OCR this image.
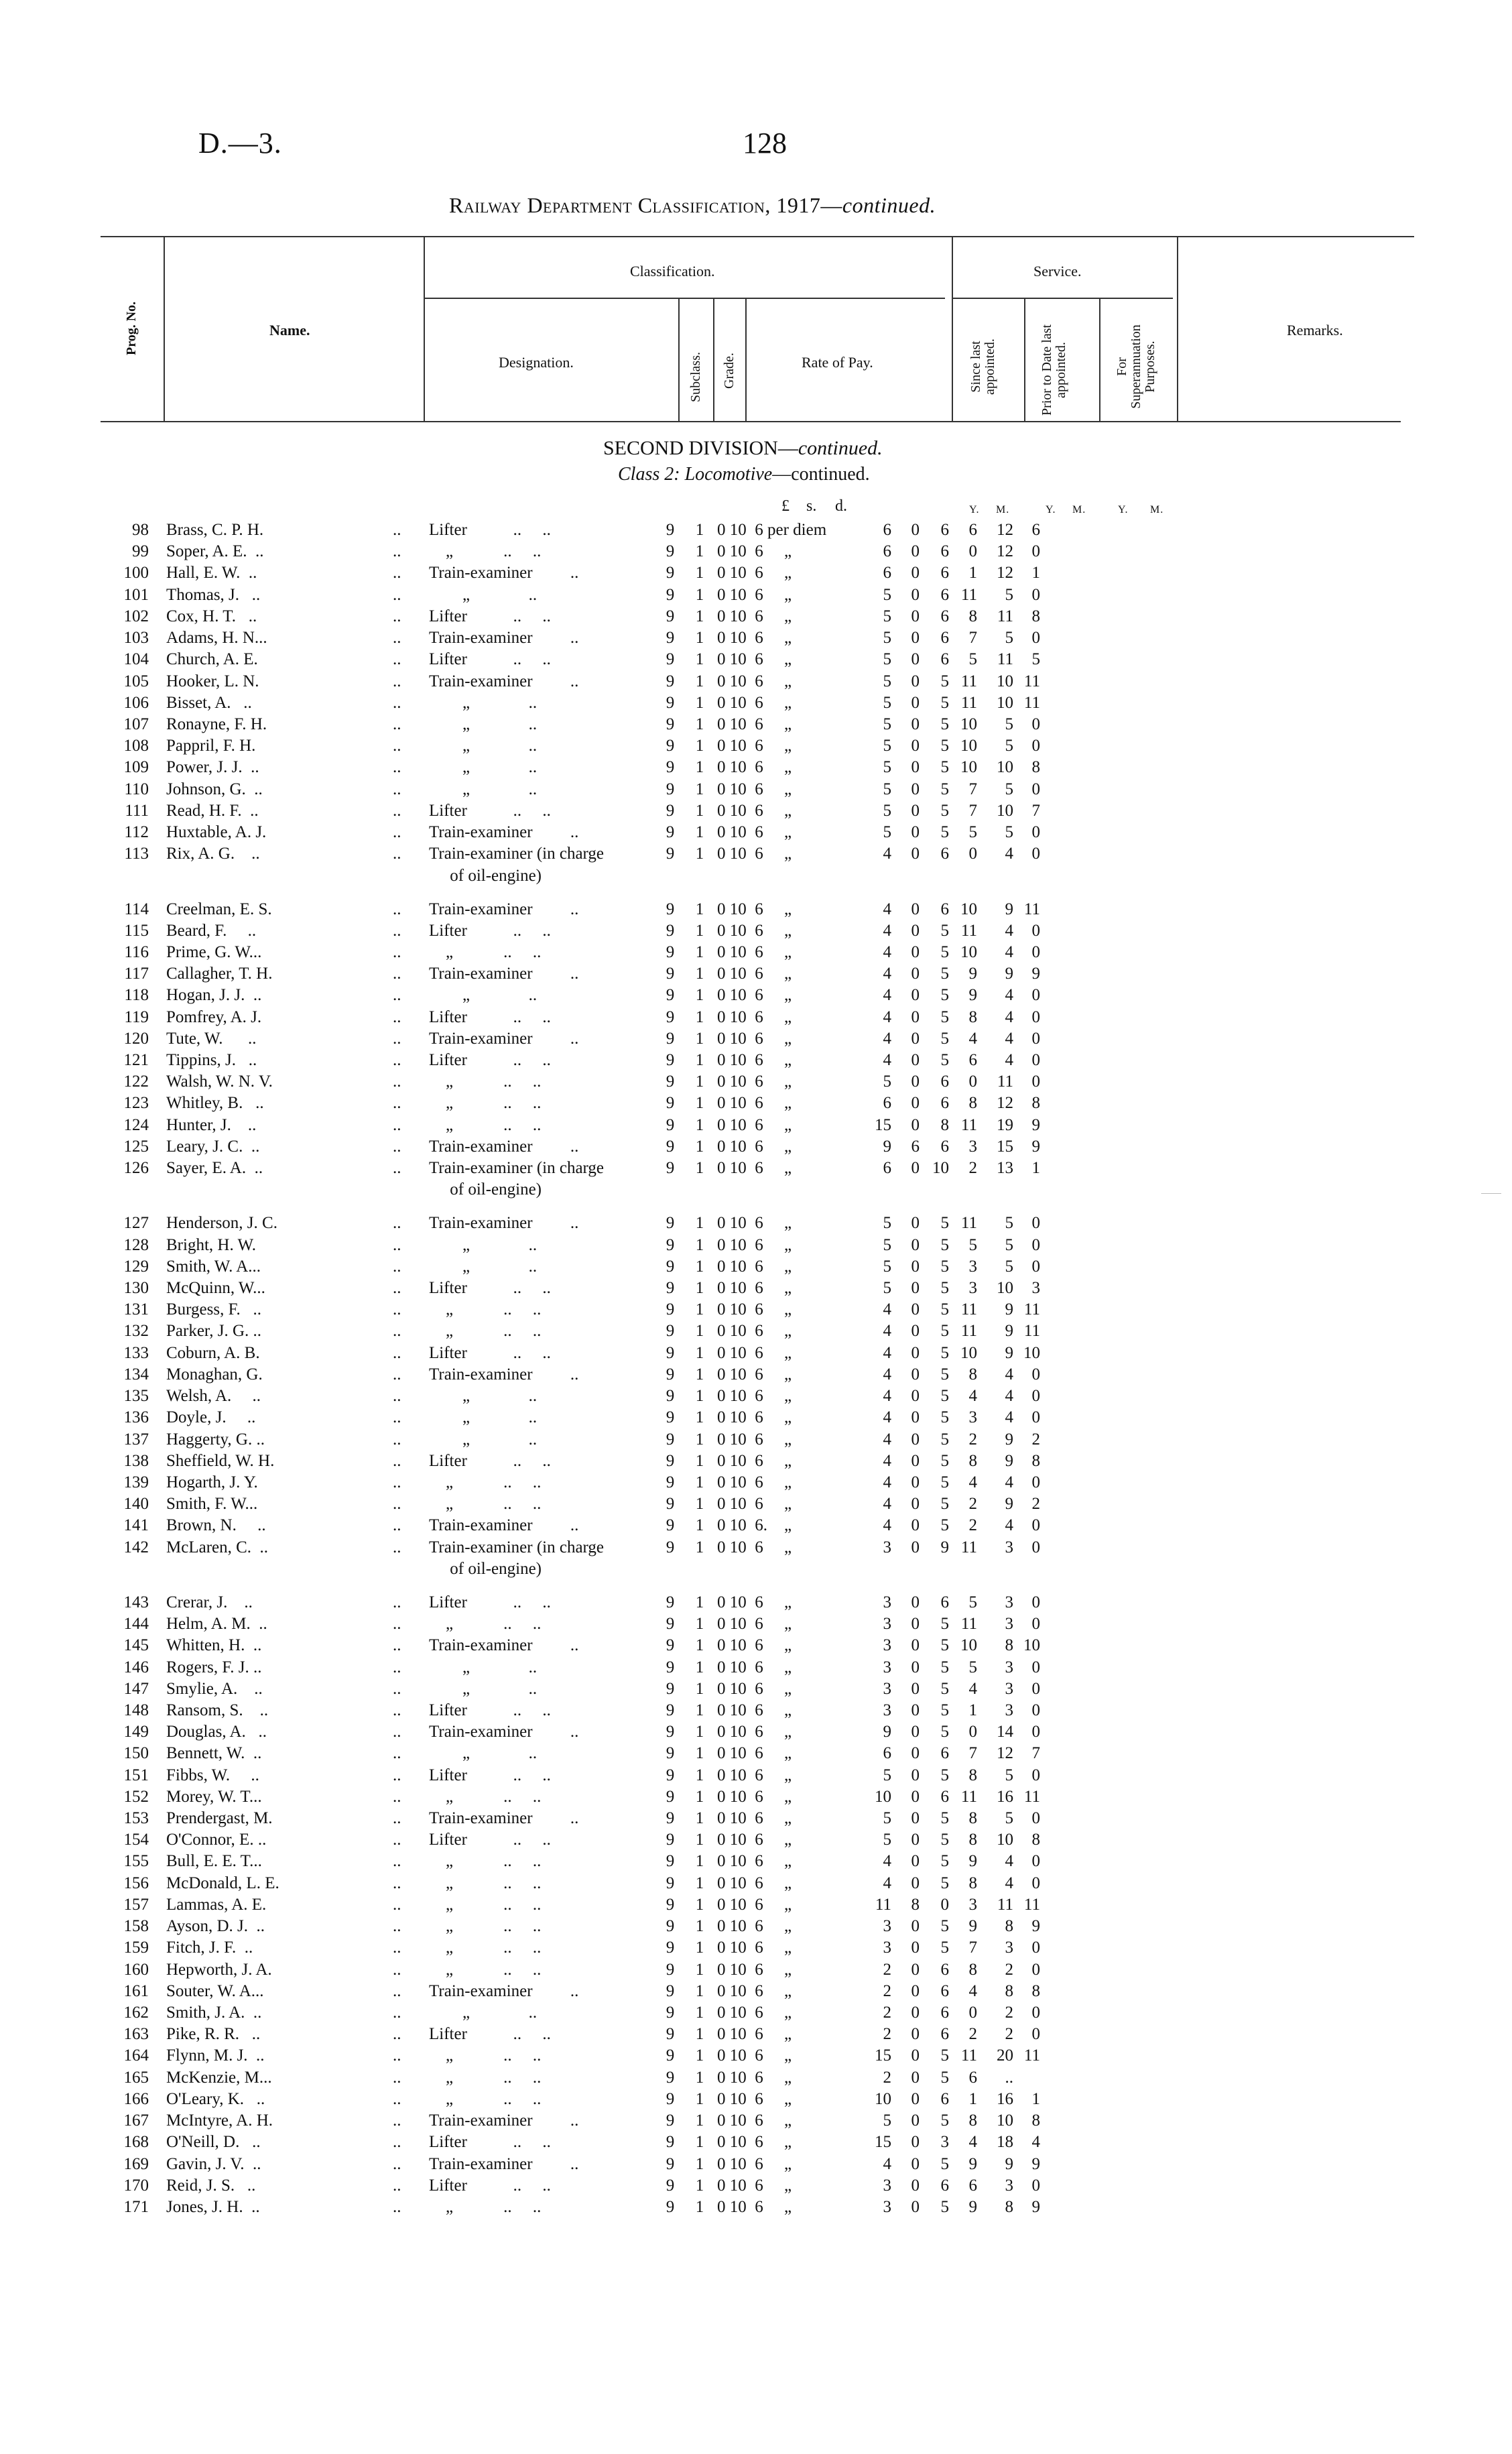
D.—3.	128
Railway Department Classification, 1917—continued.
Prog. No.	Name.
Classification.
Designation.	Subclass. Grade.	Rate of Pay.
Service.
Since last appointed.	Prior to Date last appointed.	For Superannuation Purposes.
Remarks.
SECOND DIVISION—continued.
Class 2: Locomotive—continued.
£ s. d.	Y. M.	Y. M.	Y. M.
98	Brass, C. P. H. ..	Lifter           ..     ..	9	1	0 10  6 per diem	6	0	6	6	12	6
99	Soper, A. E.  .. ..	„            ..     ..	9	1	0 10  6     „	6	0	6	0	12	0
100	Hall, E. W.  .. ..	Train-examiner         ..	9	1	0 10  6     „	6	0	6	1	12	1
101	Thomas, J.   .. ..	„              ..	9	1	0 10  6     „	5	0	6	11	5	0
102	Cox, H. T.   .. ..	Lifter           ..     ..	9	1	0 10  6     „	5	0	6	8	11	8
103	Adams, H. N... ..	Train-examiner         ..	9	1	0 10  6     „	5	0	6	7	5	0
104	Church, A. E. ..	Lifter           ..     ..	9	1	0 10  6     „	5	0	6	5	11	5
105	Hooker, L. N. ..	Train-examiner         ..	9	1	0 10  6     „	5	0	5	11	10	11
106	Bisset, A.   .. ..	„              ..	9	1	0 10  6     „	5	0	5	11	10	11
107	Ronayne, F. H. ..	„              ..	9	1	0 10  6     „	5	0	5	10	5	0
108	Pappril, F. H. ..	„              ..	9	1	0 10  6     „	5	0	5	10	5	0
109	Power, J. J.  .. ..	„              ..	9	1	0 10  6     „	5	0	5	10	10	8
110	Johnson, G.  .. ..	„              ..	9	1	0 10  6     „	5	0	5	7	5	0
111	Read, H. F.  .. ..	Lifter           ..     ..	9	1	0 10  6     „	5	0	5	7	10	7
112	Huxtable, A. J. ..	Train-examiner         ..	9	1	0 10  6     „	5	0	5	5	5	0
113	Rix, A. G.    .. ..	Train-examiner (in charge	9	1	0 10  6     „	4	0	6	0	4	0
		of oil-engine)									

114	Creelman, E. S. ..	Train-examiner         ..	9	1	0 10  6     „	4	0	6	10	9	11
115	Beard, F.     .. ..	Lifter           ..     ..	9	1	0 10  6     „	4	0	5	11	4	0
116	Prime, G. W... ..	„            ..     ..	9	1	0 10  6     „	4	0	5	10	4	0
117	Callagher, T. H. ..	Train-examiner         ..	9	1	0 10  6     „	4	0	5	9	9	9
118	Hogan, J. J.  .. ..	„              ..	9	1	0 10  6     „	4	0	5	9	4	0
119	Pomfrey, A. J. ..	Lifter           ..     ..	9	1	0 10  6     „	4	0	5	8	4	0
120	Tute, W.      .. ..	Train-examiner         ..	9	1	0 10  6     „	4	0	5	4	4	0
121	Tippins, J.   .. ..	Lifter           ..     ..	9	1	0 10  6     „	4	0	5	6	4	0
122	Walsh, W. N. V. ..	„            ..     ..	9	1	0 10  6     „	5	0	6	0	11	0
123	Whitley, B.   .. ..	„            ..     ..	9	1	0 10  6     „	6	0	6	8	12	8
124	Hunter, J.    .. ..	„            ..     ..	9	1	0 10  6     „	15	0	8	11	19	9
125	Leary, J. C.  .. ..	Train-examiner         ..	9	1	0 10  6     „	9	6	6	3	15	9
126	Sayer, E. A.  .. ..	Train-examiner (in charge	9	1	0 10  6     „	6	0	10	2	13	1
		of oil-engine)									

127	Henderson, J. C. ..	Train-examiner         ..	9	1	0 10  6     „	5	0	5	11	5	0
128	Bright, H. W. ..	„              ..	9	1	0 10  6     „	5	0	5	5	5	0
129	Smith, W. A... ..	„              ..	9	1	0 10  6     „	5	0	5	3	5	0
130	McQuinn, W... ..	Lifter           ..     ..	9	1	0 10  6     „	5	0	5	3	10	3
131	Burgess, F.   .. ..	„            ..     ..	9	1	0 10  6     „	4	0	5	11	9	11
132	Parker, J. G. .. ..	„            ..     ..	9	1	0 10  6     „	4	0	5	11	9	11
133	Coburn, A. B. ..	Lifter           ..     ..	9	1	0 10  6     „	4	0	5	10	9	10
134	Monaghan, G. ..	Train-examiner         ..	9	1	0 10  6     „	4	0	5	8	4	0
135	Welsh, A.     .. ..	„              ..	9	1	0 10  6     „	4	0	5	4	4	0
136	Doyle, J.     .. ..	„              ..	9	1	0 10  6     „	4	0	5	3	4	0
137	Haggerty, G. .. ..	„              ..	9	1	0 10  6     „	4	0	5	2	9	2
138	Sheffield, W. H. ..	Lifter           ..     ..	9	1	0 10  6     „	4	0	5	8	9	8
139	Hogarth, J. Y. ..	„            ..     ..	9	1	0 10  6     „	4	0	5	4	4	0
140	Smith, F. W... ..	„            ..     ..	9	1	0 10  6     „	4	0	5	2	9	2
141	Brown, N.     .. ..	Train-examiner         ..	9	1	0 10  6.    „	4	0	5	2	4	0
142	McLaren, C.  .. ..	Train-examiner (in charge	9	1	0 10  6     „	3	0	9	11	3	0
		of oil-engine)									

143	Crerar, J.    .. ..	Lifter           ..     ..	9	1	0 10  6     „	3	0	6	5	3	0
144	Helm, A. M.  .. ..	„            ..     ..	9	1	0 10  6     „	3	0	5	11	3	0
145	Whitten, H.  .. ..	Train-examiner         ..	9	1	0 10  6     „	3	0	5	10	8	10
146	Rogers, F. J. .. ..	„              ..	9	1	0 10  6     „	3	0	5	5	3	0
147	Smylie, A.    .. ..	„              ..	9	1	0 10  6     „	3	0	5	4	3	0
148	Ransom, S.    .. ..	Lifter           ..     ..	9	1	0 10  6     „	3	0	5	1	3	0
149	Douglas, A.   .. ..	Train-examiner         ..	9	1	0 10  6     „	9	0	5	0	14	0
150	Bennett, W.  .. ..	„              ..	9	1	0 10  6     „	6	0	6	7	12	7
151	Fibbs, W.     .. ..	Lifter           ..     ..	9	1	0 10  6     „	5	0	5	8	5	0
152	Morey, W. T... ..	„            ..     ..	9	1	0 10  6     „	10	0	6	11	16	11
153	Prendergast, M. ..	Train-examiner         ..	9	1	0 10  6     „	5	0	5	8	5	0
154	O'Connor, E. .. ..	Lifter           ..     ..	9	1	0 10  6     „	5	0	5	8	10	8
155	Bull, E. E. T... ..	„            ..     ..	9	1	0 10  6     „	4	0	5	9	4	0
156	McDonald, L. E. ..	„            ..     ..	9	1	0 10  6     „	4	0	5	8	4	0
157	Lammas, A. E. ..	„            ..     ..	9	1	0 10  6     „	11	8	0	3	11	11
158	Ayson, D. J.  .. ..	„            ..     ..	9	1	0 10  6     „	3	0	5	9	8	9
159	Fitch, J. F.  .. ..	„            ..     ..	9	1	0 10  6     „	3	0	5	7	3	0
160	Hepworth, J. A. ..	„            ..     ..	9	1	0 10  6     „	2	0	6	8	2	0
161	Souter, W. A... ..	Train-examiner         ..	9	1	0 10  6     „	2	0	6	4	8	8
162	Smith, J. A.  .. ..	„              ..	9	1	0 10  6     „	2	0	6	0	2	0
163	Pike, R. R.   .. ..	Lifter           ..     ..	9	1	0 10  6     „	2	0	6	2	2	0
164	Flynn, M. J.  .. ..	„            ..     ..	9	1	0 10  6     „	15	0	5	11	20	11
165	McKenzie, M... ..	„            ..     ..	9	1	0 10  6     „	2	0	5	6	..	
166	O'Leary, K.   .. ..	„            ..     ..	9	1	0 10  6     „	10	0	6	1	16	1
167	McIntyre, A. H. ..	Train-examiner         ..	9	1	0 10  6     „	5	0	5	8	10	8
168	O'Neill, D.   .. ..	Lifter           ..     ..	9	1	0 10  6     „	15	0	3	4	18	4
169	Gavin, J. V.  .. ..	Train-examiner         ..	9	1	0 10  6     „	4	0	5	9	9	9
170	Reid, J. S.   .. ..	Lifter           ..     ..	9	1	0 10  6     „	3	0	6	6	3	0
171	Jones, J. H.  .. ..	„            ..     ..	9	1	0 10  6     „	3	0	5	9	8	9
